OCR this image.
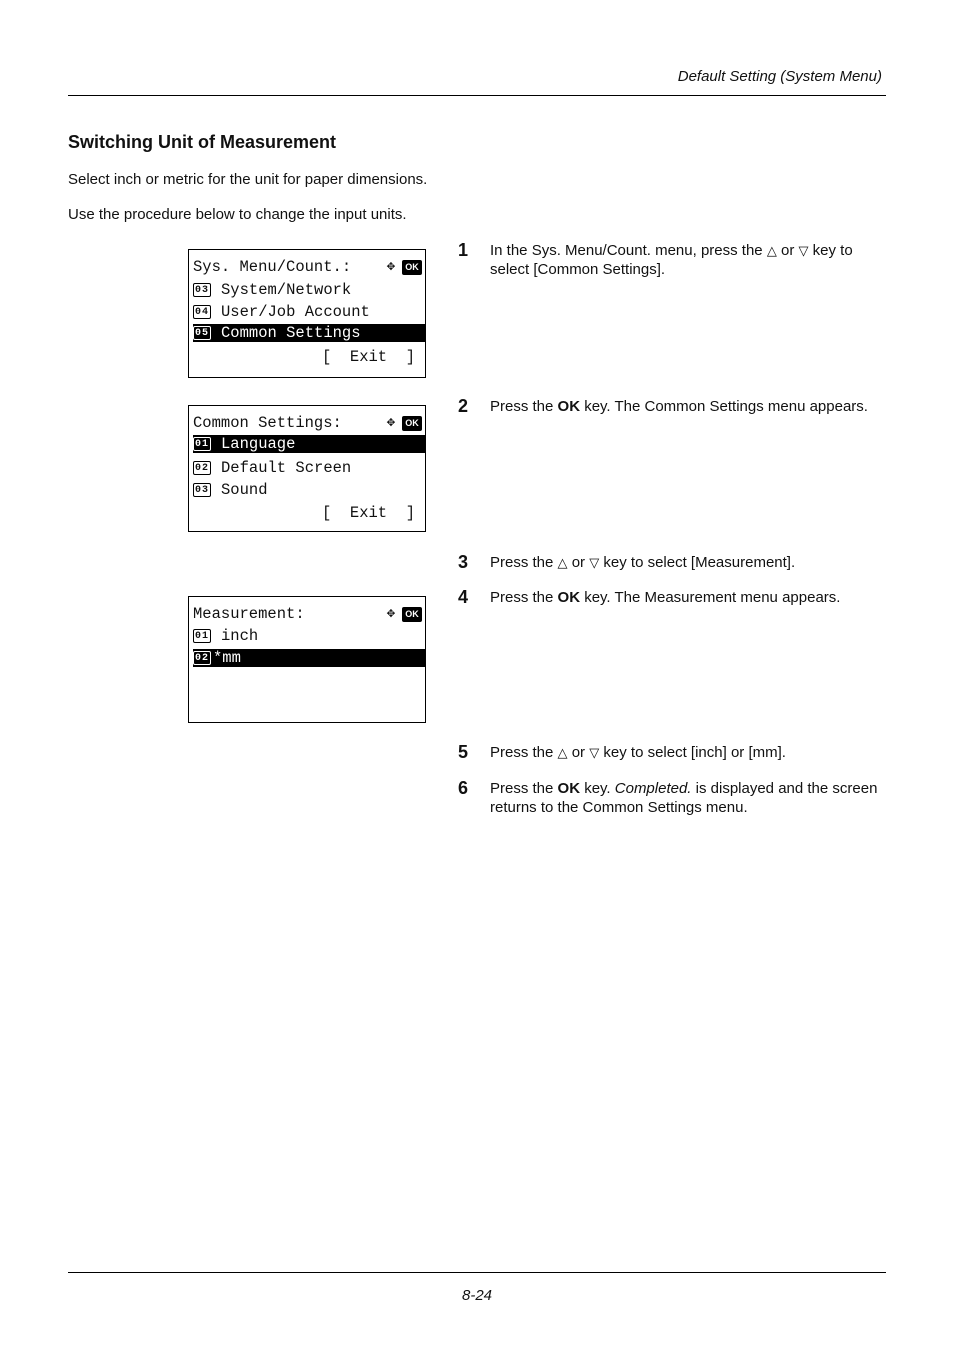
Default Setting (System Menu)
Switching Unit of Measurement
Select inch or metric for the unit for paper dimensions.
Use the procedure below to change the input units.
Sys. Menu/Count.:	✥	OK
03 System/Network
04 User/Job Account
05 Common Settings
[  Exit  ]
Common Settings:	✥	OK
01 Language
02 Default Screen
03 Sound
[  Exit  ]
Measurement:	✥	OK
01 inch
02 *mm
1 In the Sys. Menu/Count. menu, press the △ or ▽ key to select [Common Settings].
2 Press the OK key. The Common Settings menu appears.
3 Press the △ or ▽ key to select [Measurement].
4 Press the OK key. The Measurement menu appears.
5 Press the △ or ▽ key to select [inch] or [mm].
6 Press the OK key. Completed. is displayed and the screen returns to the Common Settings menu.
8-24
